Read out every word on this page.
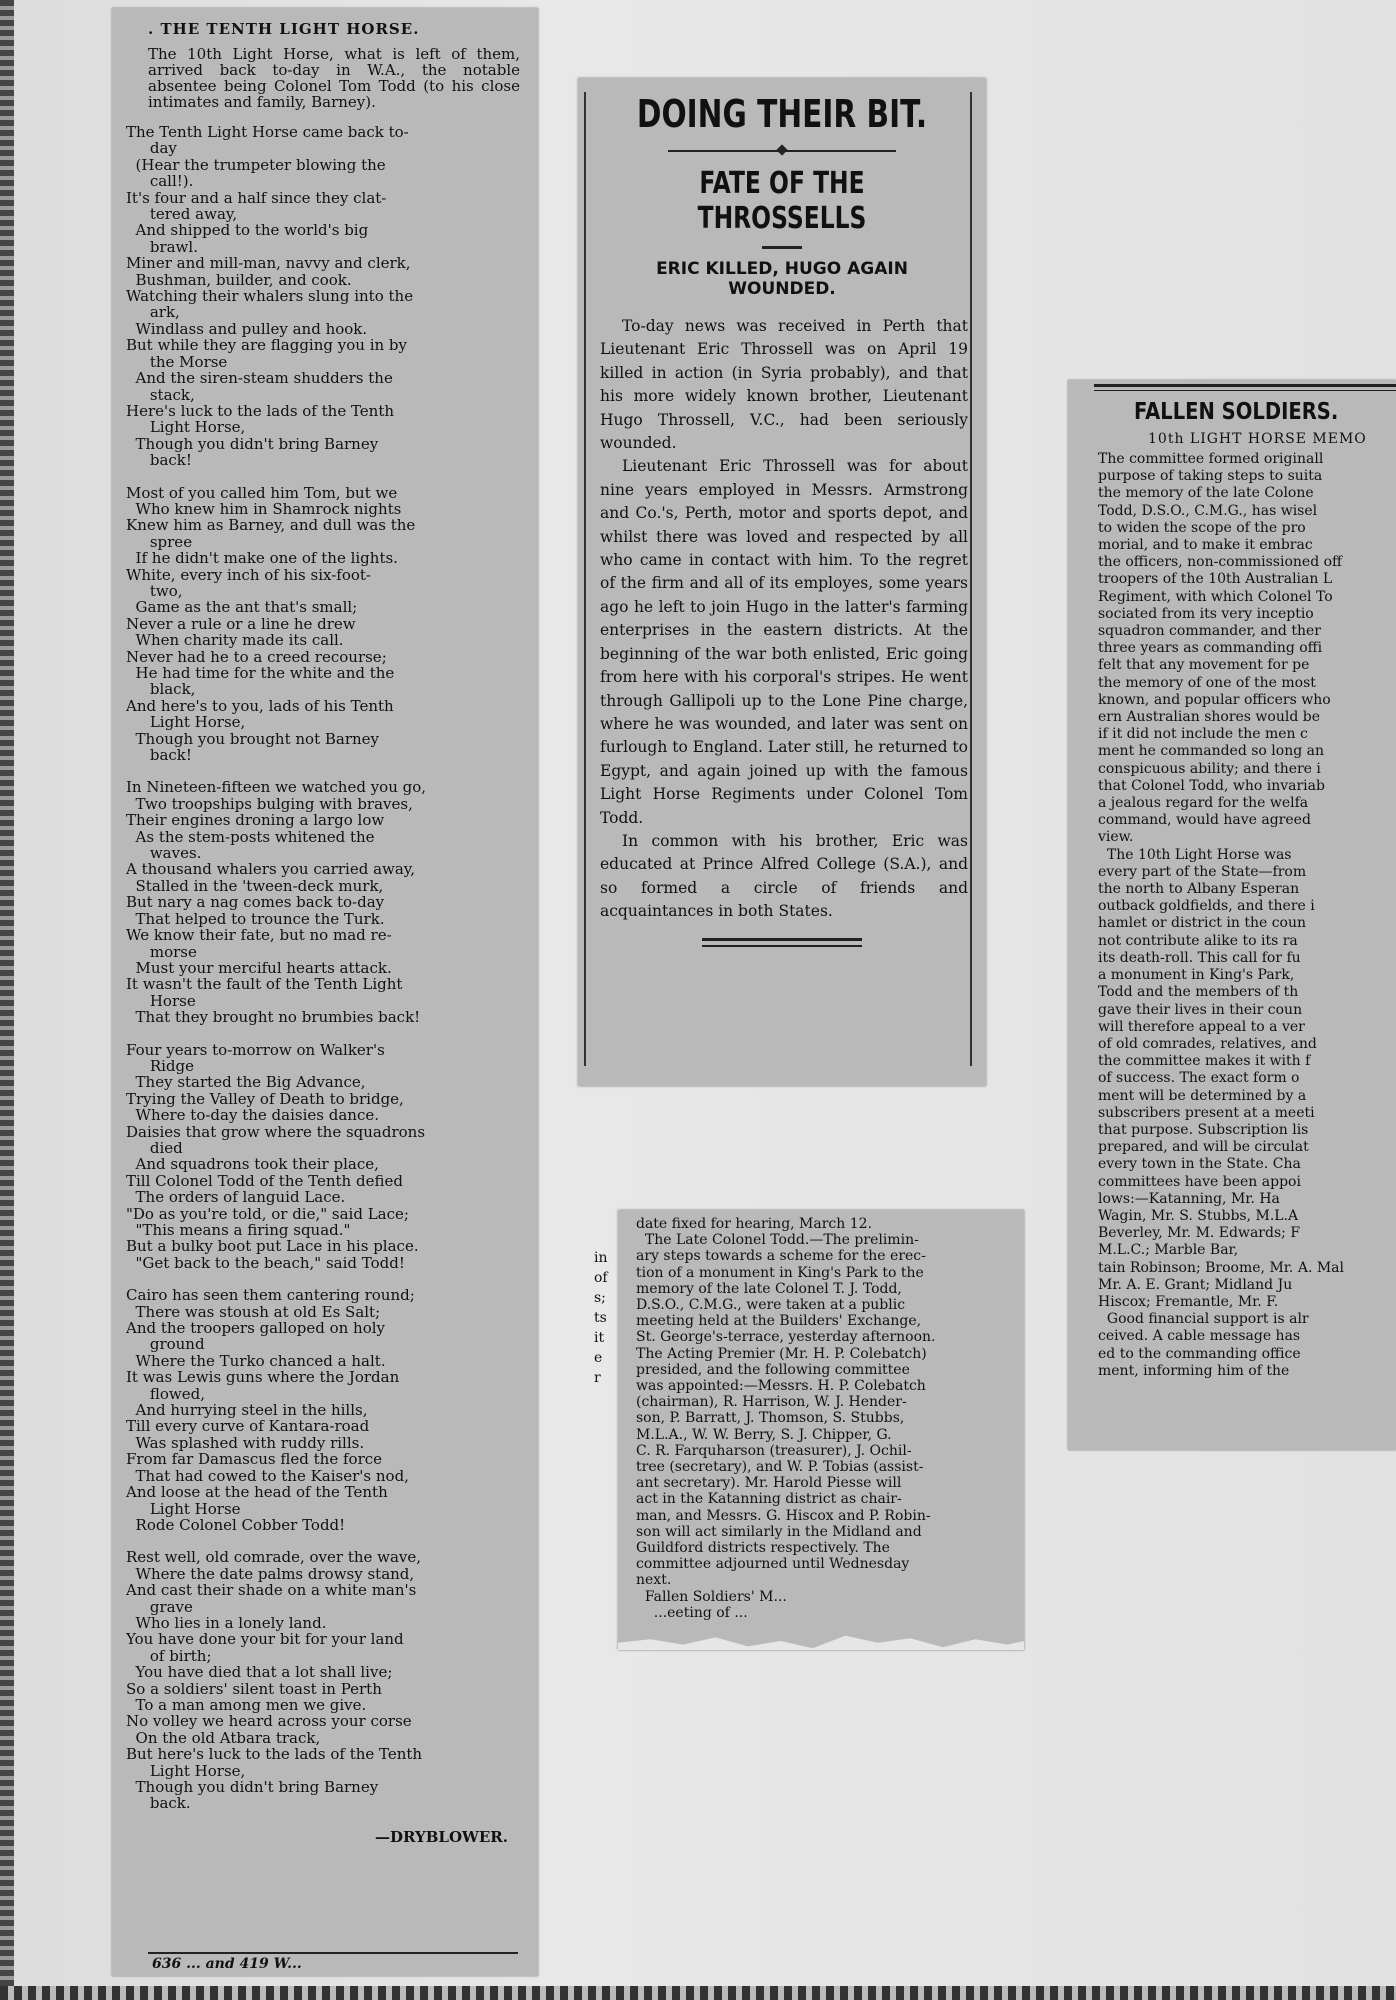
. THE TENTH LIGHT HORSE.
The 10th Light Horse, what is left of them, arrived back to-day in W.A., the notable absentee being Colonel Tom Todd (to his close intimates and family, Barney).
The Tenth Light Horse came back to-
day
(Hear the trumpeter blowing the
call!).
It's four and a half since they clat-
tered away,
And shipped to the world's big
brawl.
Miner and mill-man, navvy and clerk,
Bushman, builder, and cook.
Watching their whalers slung into the
ark,
Windlass and pulley and hook.
But while they are flagging you in by
the Morse
And the siren-steam shudders the
stack,
Here's luck to the lads of the Tenth
Light Horse,
Though you didn't bring Barney
back!
Most of you called him Tom, but we
Who knew him in Shamrock nights
Knew him as Barney, and dull was the
spree
If he didn't make one of the lights.
White, every inch of his six-foot-
two,
Game as the ant that's small;
Never a rule or a line he drew
When charity made its call.
Never had he to a creed recourse;
He had time for the white and the
black,
And here's to you, lads of his Tenth
Light Horse,
Though you brought not Barney
back!
In Nineteen-fifteen we watched you go,
Two troopships bulging with braves,
Their engines droning a largo low
As the stem-posts whitened the
waves.
A thousand whalers you carried away,
Stalled in the 'tween-deck murk,
But nary a nag comes back to-day
That helped to trounce the Turk.
We know their fate, but no mad re-
morse
Must your merciful hearts attack.
It wasn't the fault of the Tenth Light
Horse
That they brought no brumbies back!
Four years to-morrow on Walker's
Ridge
They started the Big Advance,
Trying the Valley of Death to bridge,
Where to-day the daisies dance.
Daisies that grow where the squadrons
died
And squadrons took their place,
Till Colonel Todd of the Tenth defied
The orders of languid Lace.
"Do as you're told, or die," said Lace;
"This means a firing squad."
But a bulky boot put Lace in his place.
"Get back to the beach," said Todd!
Cairo has seen them cantering round;
There was stoush at old Es Salt;
And the troopers galloped on holy
ground
Where the Turko chanced a halt.
It was Lewis guns where the Jordan
flowed,
And hurrying steel in the hills,
Till every curve of Kantara-road
Was splashed with ruddy rills.
From far Damascus fled the force
That had cowed to the Kaiser's nod,
And loose at the head of the Tenth
Light Horse
Rode Colonel Cobber Todd!
Rest well, old comrade, over the wave,
Where the date palms drowsy stand,
And cast their shade on a white man's
grave
Who lies in a lonely land.
You have done your bit for your land
of birth;
You have died that a lot shall live;
So a soldiers' silent toast in Perth
To a man among men we give.
No volley we heard across your corse
On the old Atbara track,
But here's luck to the lads of the Tenth
Light Horse,
Though you didn't bring Barney
back.
—DRYBLOWER.
636 ... and 419 W...
DOING THEIR BIT.
FATE OF THE THROSSELLS
ERIC KILLED, HUGO AGAIN WOUNDED.

To-day news was received in Perth that Lieutenant Eric Throssell was on April 19 killed in action (in Syria probably), and that his more widely known brother, Lieutenant Hugo Throssell, V.C., had been seriously wounded.

Lieutenant Eric Throssell was for about nine years employed in Messrs. Armstrong and Co.'s, Perth, motor and sports depot, and whilst there was loved and respected by all who came in contact with him. To the regret of the firm and all of its employes, some years ago he left to join Hugo in the latter's farming enterprises in the eastern districts. At the beginning of the war both enlisted, Eric going from here with his corporal's stripes. He went through Gallipoli up to the Lone Pine charge, where he was wounded, and later was sent on furlough to England. Later still, he returned to Egypt, and again joined up with the famous Light Horse Regiments under Colonel Tom Todd.

In common with his brother, Eric was educated at Prince Alfred College (S.A.), and so formed a circle of friends and acquaintances in both States.

FALLEN SOLDIERS.
10th LIGHT HORSE MEMO
The committee formed originall
purpose of taking steps to suita
the memory of the late Colone
Todd, D.S.O., C.M.G., has wisel
to widen the scope of the pro
morial, and to make it embrac
the officers, non-commissioned off
troopers of the 10th Australian L
Regiment, with which Colonel To
sociated from its very inceptio
squadron commander, and ther
three years as commanding offi
felt that any movement for pe
the memory of one of the most
known, and popular officers who
ern Australian shores would be
if it did not include the men c
ment he commanded so long an
conspicuous ability; and there i
that Colonel Todd, who invariab
a jealous regard for the welfa
command, would have agreed
view.
The 10th Light Horse was
every part of the State—from
the north to Albany Esperan
outback goldfields, and there i
hamlet or district in the coun
not contribute alike to its ra
its death-roll. This call for fu
a monument in King's Park,
Todd and the members of th
gave their lives in their coun
will therefore appeal to a ver
of old comrades, relatives, and
the committee makes it with f
of success. The exact form o
ment will be determined by a
subscribers present at a meeti
that purpose. Subscription lis
prepared, and will be circulat
every town in the State. Cha
committees have been appoi
lows:—Katanning, Mr. Ha
Wagin, Mr. S. Stubbs, M.L.A
Beverley, Mr. M. Edwards; F
M.L.C.; Marble Bar,
tain Robinson; Broome, Mr. A. Mal
Mr. A. E. Grant; Midland Ju
Hiscox; Fremantle, Mr. F.
Good financial support is alr
ceived. A cable message has
ed to the commanding office
ment, informing him of the
in
of
s;
ts
it
e
r
date fixed for hearing, March 12.
The Late Colonel Todd.—The prelimin-
ary steps towards a scheme for the erec-
tion of a monument in King's Park to the
memory of the late Colonel T. J. Todd,
D.S.O., C.M.G., were taken at a public
meeting held at the Builders' Exchange,
St. George's-terrace, yesterday afternoon.
The Acting Premier (Mr. H. P. Colebatch)
presided, and the following committee
was appointed:—Messrs. H. P. Colebatch
(chairman), R. Harrison, W. J. Hender-
son, P. Barratt, J. Thomson, S. Stubbs,
M.L.A., W. W. Berry, S. J. Chipper, G.
C. R. Farquharson (treasurer), J. Ochil-
tree (secretary), and W. P. Tobias (assist-
ant secretary). Mr. Harold Piesse will
act in the Katanning district as chair-
man, and Messrs. G. Hiscox and P. Robin-
son will act similarly in the Midland and
Guildford districts respectively. The
committee adjourned until Wednesday
next.
Fallen Soldiers' M...
...eeting of ...
